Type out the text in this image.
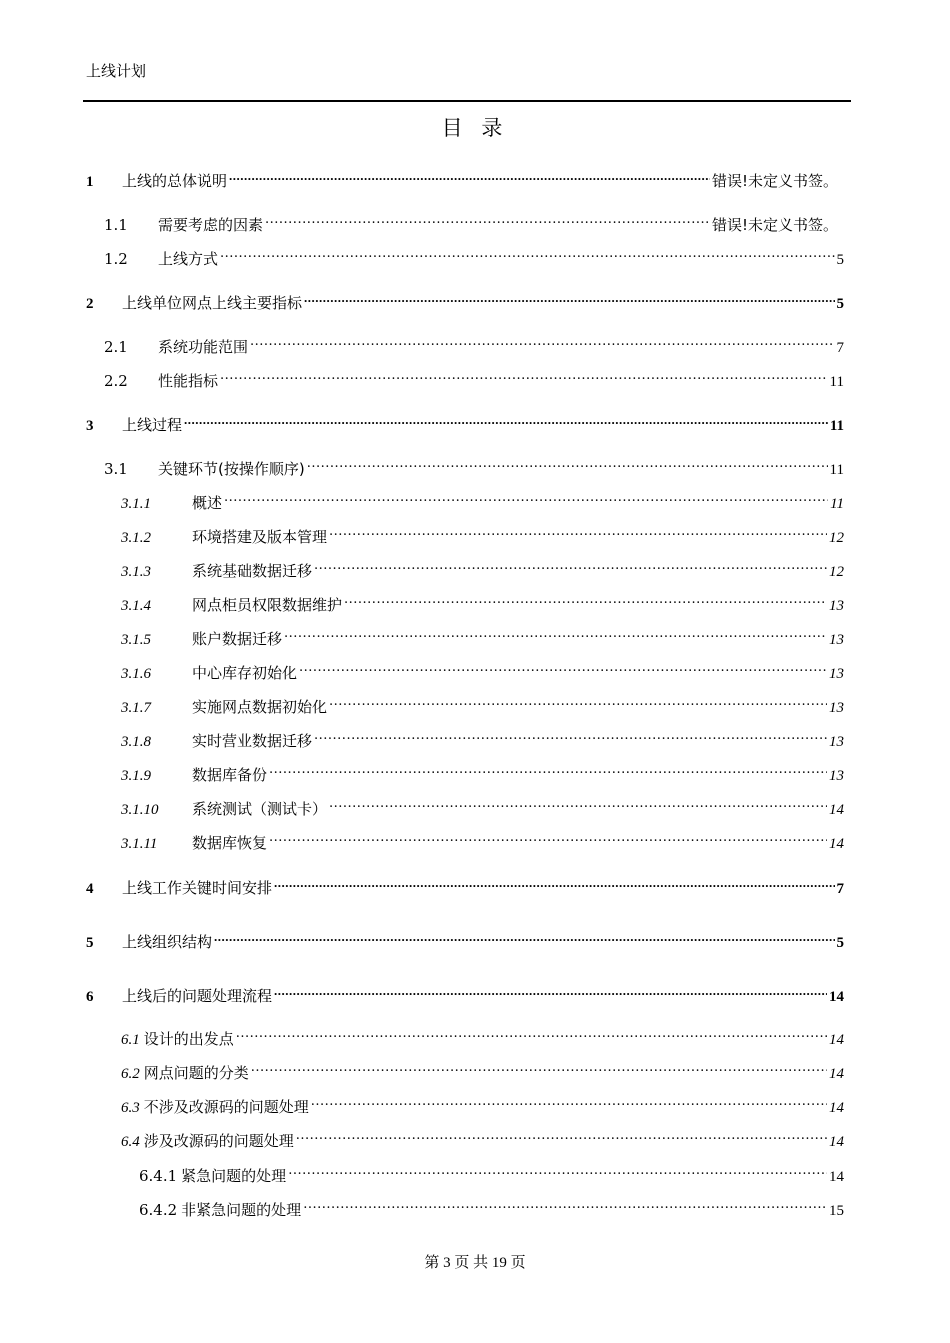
上线计划
目 录
1	上线的总体说明 .....	错误!未定义书签。
1.1	需要考虑的因素 .....	错误!未定义书签。
1.2	上线方式 .....	5
2	上线单位网点上线主要指标 .....	5
2.1	系统功能范围 .....	7
2.2	性能指标 .....	11
3	上线过程 .....	11
3.1	关键环节(按操作顺序) .....	11
3.1.1	概述 .....	11
3.1.2	环境搭建及版本管理 .....	12
3.1.3	系统基础数据迁移 .....	12
3.1.4	网点柜员权限数据维护 .....	13
3.1.5	账户数据迁移 .....	13
3.1.6	中心库存初始化 .....	13
3.1.7	实施网点数据初始化 .....	13
3.1.8	实时营业数据迁移 .....	13
3.1.9	数据库备份 .....	13
3.1.10	系统测试（测试卡） .....	14
3.1.11	数据库恢复 .....	14
4	上线工作关键时间安排 .....	7
5	上线组织结构 .....	5
6	上线后的问题处理流程 .....	14
6.1 设计的出发点 .....	14
6.2 网点问题的分类 .....	14
6.3 不涉及改源码的问题处理 .....	14
6.4 涉及改源码的问题处理 .....	14
6.4.1 紧急问题的处理 .....	14
6.4.2 非紧急问题的处理 .....	15
第 3 页 共 19 页
